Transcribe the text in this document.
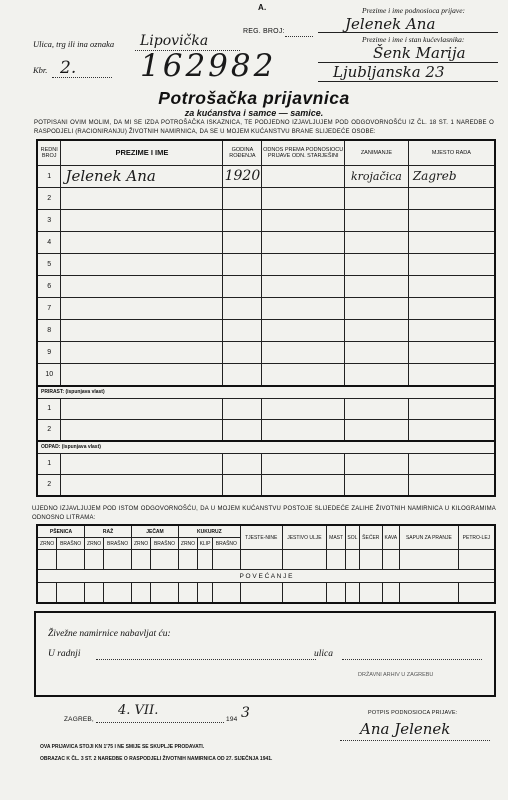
A.	Prezime i ime podnosioca prijave:
Jelenek Ana
Prezime i ime i stan kućevlasnika:
Šenk Marija
Ljubljanska 23
REG. BROJ:
Ulica, trg ili ina oznaka Lipovička
Kbr. 2. 162982
Potrošačka prijavnica
za kućanstva i samce — samice.
POTPISANI OVIM MOLIM, DA MI SE IZDA POTROŠAČKA ISKAZNICA, TE PODJEDNO IZJAVLJUJEM POD ODGOVORNOŠĆU IZ ČL. 18 ST. 1 NAREDBE O RASPODJELI (RACIONIRANJU) ŽIVOTNIH NAMIRNICA, DA SE U MOJEM KUĆANSTVU BRANE SLIJEDEĆE OSOBE:
REDNI BROJ	PREZIME I IME	GODINA ROĐENJA	ODNOS PREMA PODNOSIOCU PRIJAVE ODN. STARJEŠINI	ZANIMANJE	MJESTO RADA
1	Jelenek Ana	1920		krojačica	Zagreb
2					
3					
4					
5					
6					
7					
8					
9					
10					
PRIRAST: (ispunjava vlast)					
1					
2					
ODPAD: (ispunjava vlast)					
1					
2					
UJEDNO IZJAVLJUJEM POD ISTOM ODGOVORNOŠĆU, DA U MOJEM KUĆANSTVU POSTOJE SLIJEDEĆE ZALIHE ŽIVOTNIH NAMIRNICA U KILOGRAMIMA ODNOSNO LITRAMA:
PŠENICA		RAŽ		JEČAM		KUKURUZ			TJESTE-NINE	JESTIVO ULJE	MAST	SOL	ŠEĆER	KAVA	SAPUN ZA PRANJE	PETRO-LEJ
ZRNO	BRAŠNO	ZRNO	BRAŠNO	ZRNO	BRAŠNO	ZRNO	KLIP	BRAŠNO								

P O V E Ć A N J E																

Živežne namirnice nabavljat ću:
U radnji	ulica
DRŽAVNI ARHIV U ZAGREBU
ZAGREB,
4. VII.
194 3	POTPIS PODNOSIOCA PRIJAVE:
Ana Jelenek
OVA PRIJAVICA STOJI KN 1'75 I NE SMIJE SE SKUPLJE PRODAVATI.
OBRAZAC K ČL. 3 ST. 2 NAREDBE O RASPODJELI ŽIVOTNIH NAMIRNICA OD 27. SIJEČNJA 1941.
